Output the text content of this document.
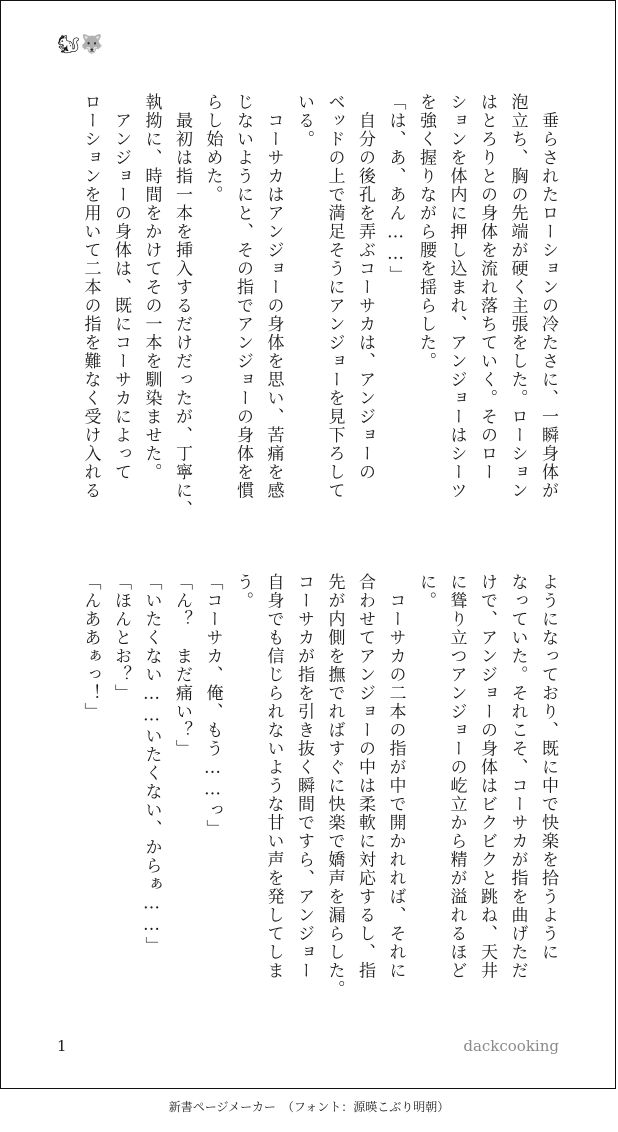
🐿🐺

　垂らされたローションの冷たさに、一瞬身体が

泡立ち、胸の先端が硬く主張をした。ローション

はとろりとの身体を流れ落ちていく。そのロー

ションを体内に押し込まれ、アンジョーはシーツ

を強く握りながら腰を揺らした。

「は、あ、あん……」

　自分の後孔を弄ぶコーサカは、アンジョーの

ベッドの上で満足そうにアンジョーを見下ろして

いる。

　コーサカはアンジョーの身体を思い、苦痛を感

じないようにと、その指でアンジョーの身体を慣

らし始めた。

　最初は指一本を挿入するだけだったが、丁寧に、

執拗に、時間をかけてその一本を馴染ませた。

　アンジョーの身体は、既にコーサカによって

ローションを用いて二本の指を難なく受け入れる

ようになっており、既に中で快楽を拾うように

なっていた。それこそ、コーサカが指を曲げただ

けで、アンジョーの身体はビクビクと跳ね、天井

に聳り立つアンジョーの屹立から精が溢れるほど

に。

　コーサカの二本の指が中で開かれれば、それに

合わせてアンジョーの中は柔軟に対応するし、指

先が内側を撫でればすぐに快楽で嬌声を漏らした。

コーサカが指を引き抜く瞬間ですら、アンジョー

自身でも信じられないような甘い声を発してしま

う。

「コーサカ、俺、もう……っ」

「ん？　まだ痛い？」

「いたくない……いたくない、からぁ……」

「ほんとお？」

「んああぁっ！」

1	dackcooking
新書ページメーカー　（フォント：源暎こぶり明朝）
